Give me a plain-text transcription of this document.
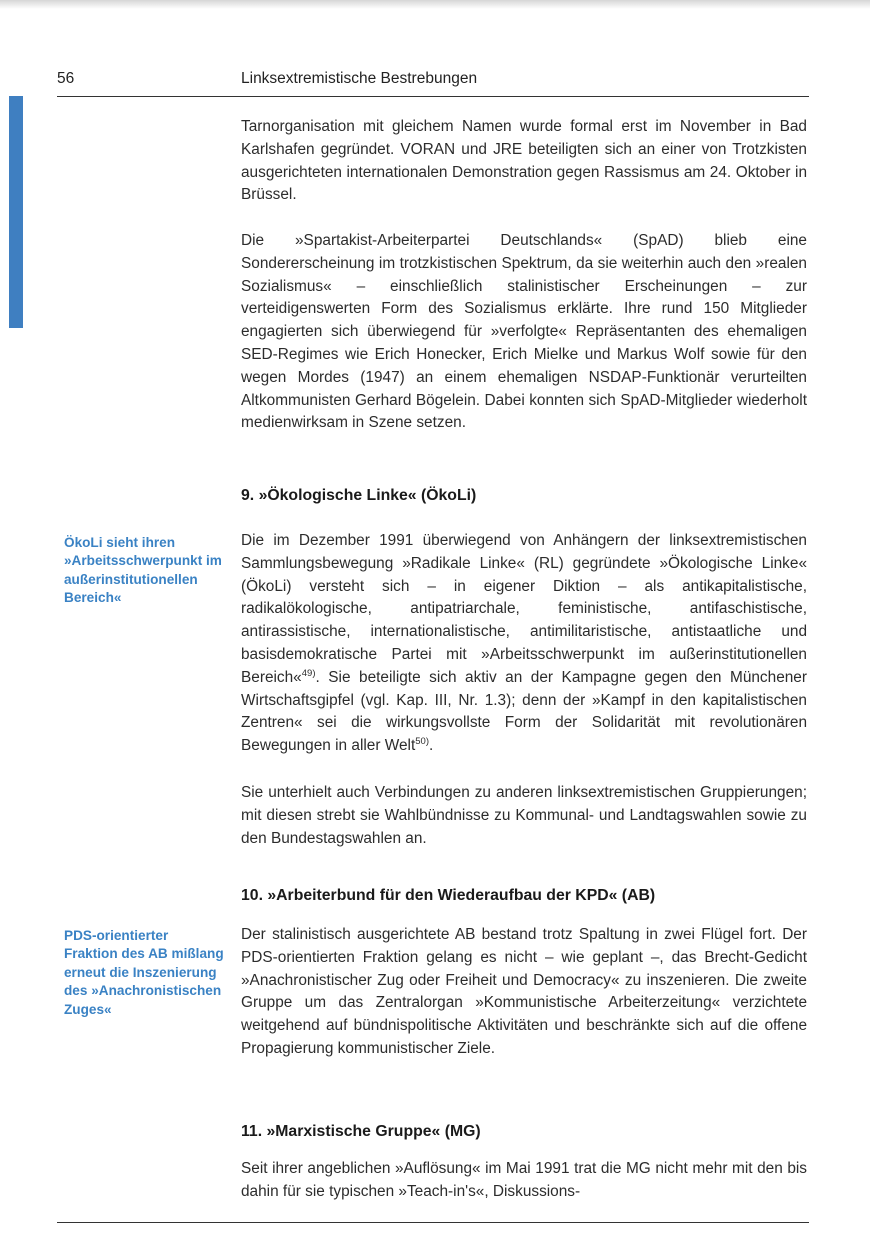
56	Linksextremistische Bestrebungen

Tarnorganisation mit gleichem Namen wurde formal erst im November in Bad Karlshafen gegründet. VORAN und JRE beteiligten sich an einer von Trotzkisten ausgerichteten internationalen Demonstration gegen Rassismus am 24. Oktober in Brüssel.

Die »Spartakist-Arbeiterpartei Deutschlands« (SpAD) blieb eine Sondererscheinung im trotzkistischen Spektrum, da sie weiterhin auch den »realen Sozialismus« – einschließlich stalinistischer Erscheinungen – zur verteidigenswerten Form des Sozialismus erklärte. Ihre rund 150 Mitglieder engagierten sich überwiegend für »verfolgte« Repräsentanten des ehemaligen SED-Regimes wie Erich Honecker, Erich Mielke und Markus Wolf sowie für den wegen Mordes (1947) an einem ehemaligen NSDAP-Funktionär verurteilten Altkommunisten Gerhard Bögelein. Dabei konnten sich SpAD-Mitglieder wiederholt medienwirksam in Szene setzen.

9. »Ökologische Linke« (ÖkoLi)

ÖkoLi sieht ihren »Arbeitsschwerpunkt im außerinstitutionellen Bereich«

Die im Dezember 1991 überwiegend von Anhängern der linksextremistischen Sammlungsbewegung »Radikale Linke« (RL) gegründete »Ökologische Linke« (ÖkoLi) versteht sich – in eigener Diktion – als antikapitalistische, radikalökologische, antipatriarchale, feministische, antifaschistische, antirassistische, internationalistische, antimilitaristische, antistaatliche und basisdemokratische Partei mit »Arbeitsschwerpunkt im außerinstitutionellen Bereich«$^{49)}$. Sie beteiligte sich aktiv an der Kampagne gegen den Münchener Wirtschaftsgipfel (vgl. Kap. III, Nr. 1.3); denn der »Kampf in den kapitalistischen Zentren« sei die wirkungsvollste Form der Solidarität mit revolutionären Bewegungen in aller Welt$^{50)}$.

Sie unterhielt auch Verbindungen zu anderen linksextremistischen Gruppierungen; mit diesen strebt sie Wahlbündnisse zu Kommunal- und Landtagswahlen sowie zu den Bundestagswahlen an.

10. »Arbeiterbund für den Wiederaufbau der KPD« (AB)

PDS-orientierter Fraktion des AB mißlang erneut die Inszenierung des »Anachronistischen Zuges«

Der stalinistisch ausgerichtete AB bestand trotz Spaltung in zwei Flügel fort. Der PDS-orientierten Fraktion gelang es nicht – wie geplant –, das Brecht-Gedicht »Anachronistischer Zug oder Freiheit und Democracy« zu inszenieren. Die zweite Gruppe um das Zentralorgan »Kommunistische Arbeiterzeitung« verzichtete weitgehend auf bündnispolitische Aktivitäten und beschränkte sich auf die offene Propagierung kommunistischer Ziele.

11. »Marxistische Gruppe« (MG)

Seit ihrer angeblichen »Auflösung« im Mai 1991 trat die MG nicht mehr mit den bis dahin für sie typischen »Teach-in's«, Diskussions-
